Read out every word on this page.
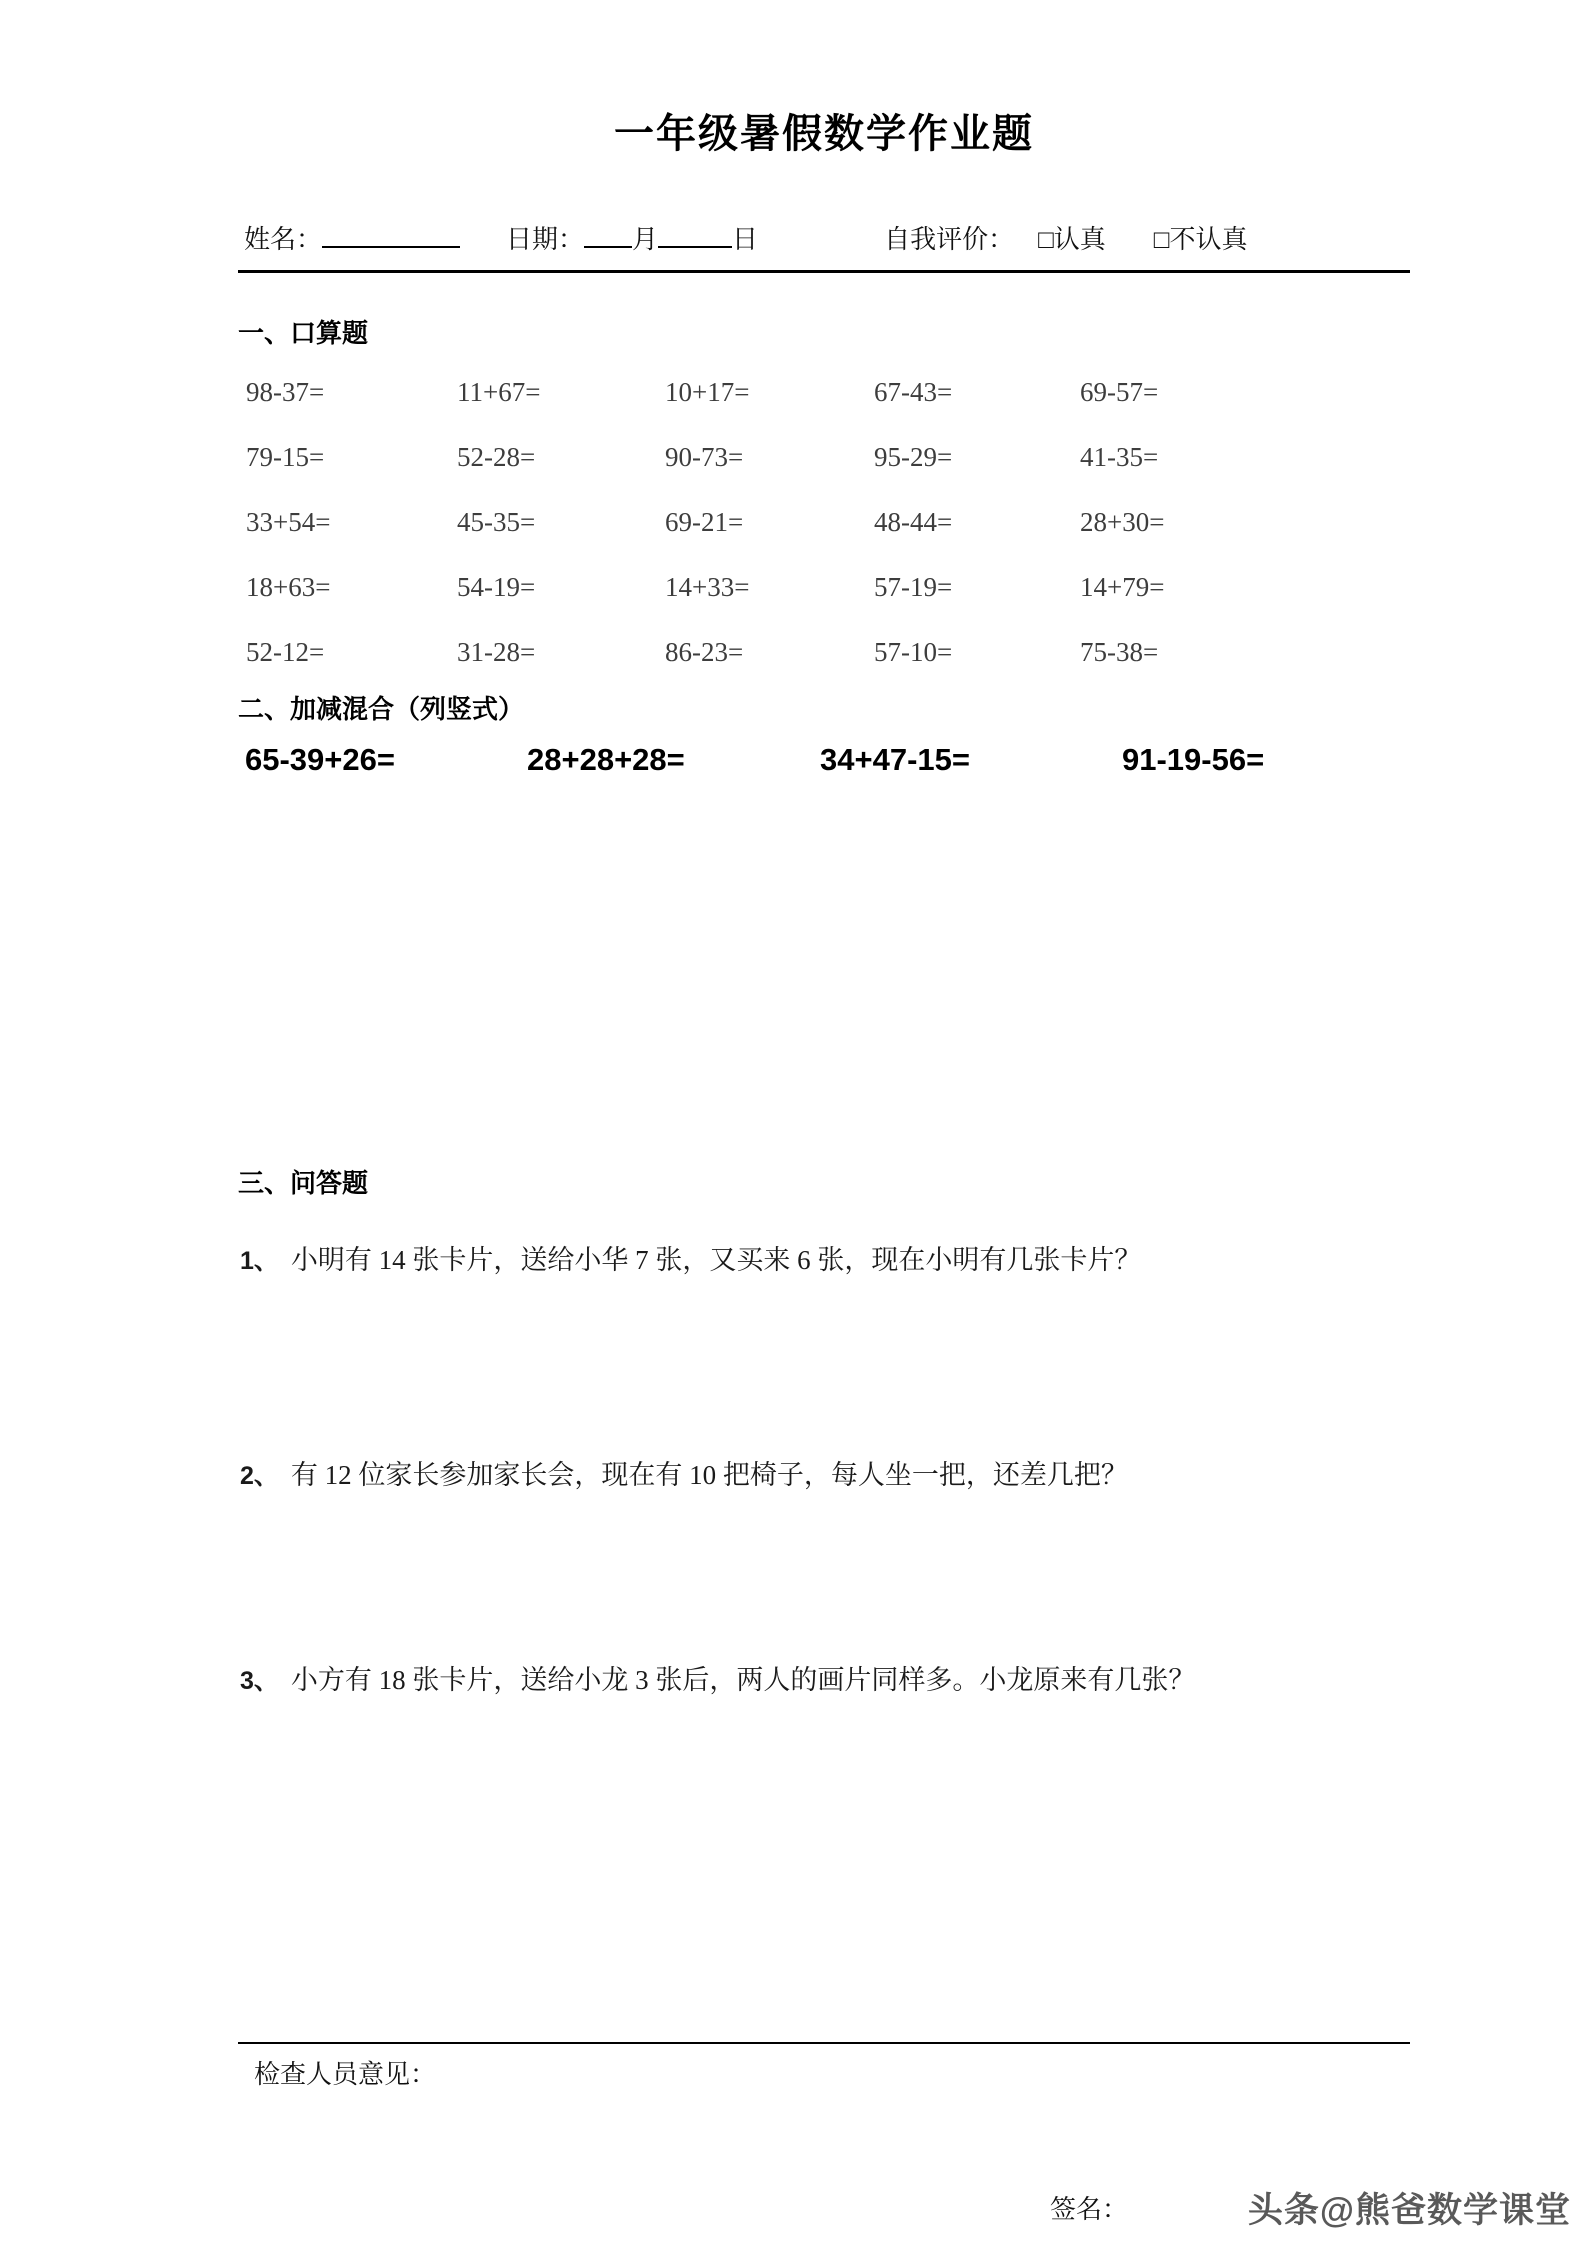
一年级暑假数学作业题
姓名：	日期： 月	日	自我评价： □认真 □不认真
一、口算题
98-37=	11+67=	10+17=	67-43=	69-57=
79-15=	52-28=	90-73=	95-29=	41-35=
33+54=	45-35=	69-21=	48-44=	28+30=
18+63=	54-19=	14+33=	57-19=	14+79=
52-12=	31-28=	86-23=	57-10=	75-38=
二、加减混合（列竖式）
65-39+26=	28+28+28=	34+47-15=	91-19-56=
三、问答题
1、 小明有 14 张卡片，送给小华 7 张，又买来 6 张，现在小明有几张卡片？
2、 有 12 位家长参加家长会，现在有 10 把椅子，每人坐一把，还差几把？
3、 小方有 18 张卡片，送给小龙 3 张后，两人的画片同样多。小龙原来有几张？
检查人员意见：
签名：	头条@熊爸数学课堂
